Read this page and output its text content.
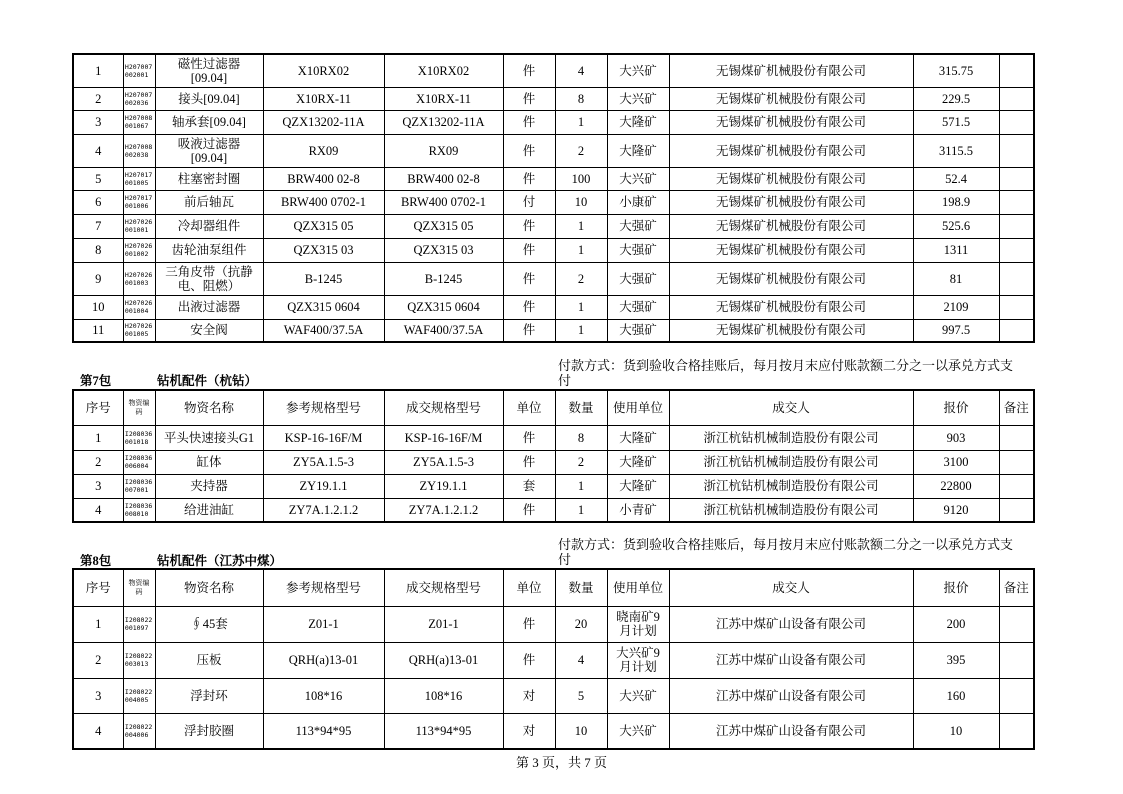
1	H207007002001	磁性过滤器[09.04]	X10RX02	X10RX02	件	4	大兴矿	无锡煤矿机械股份有限公司	315.75	
2	H207007002036	接头[09.04]	X10RX-11	X10RX-11	件	8	大兴矿	无锡煤矿机械股份有限公司	229.5	
3	H207008001067	轴承套[09.04]	QZX13202-11A	QZX13202-11A	件	1	大隆矿	无锡煤矿机械股份有限公司	571.5	
4	H207008002038	吸液过滤器[09.04]	RX09	RX09	件	2	大隆矿	无锡煤矿机械股份有限公司	3115.5	
5	H207017001005	柱塞密封圈	BRW400 02-8	BRW400 02-8	件	100	大兴矿	无锡煤矿机械股份有限公司	52.4	
6	H207017001006	前后轴瓦	BRW400 0702-1	BRW400 0702-1	付	10	小康矿	无锡煤矿机械股份有限公司	198.9	
7	H207026001001	冷却器组件	QZX315 05	QZX315 05	件	1	大强矿	无锡煤矿机械股份有限公司	525.6	
8	H207026001002	齿轮油泵组件	QZX315 03	QZX315 03	件	1	大强矿	无锡煤矿机械股份有限公司	1311	
9	H207026001003	三角皮带（抗静电、阻燃）	B-1245	B-1245	件	2	大强矿	无锡煤矿机械股份有限公司	81	
10	H207026001004	出液过滤器	QZX315 0604	QZX315 0604	件	1	大强矿	无锡煤矿机械股份有限公司	2109	
11	H207026001005	安全阀	WAF400/37.5A	WAF400/37.5A	件	1	大强矿	无锡煤矿机械股份有限公司	997.5	
付款方式：货到验收合格挂账后，每月按月末应付账款额二分之一以承兑方式支付
第7包	钻机配件（杭钻）
序号	物资编码	物资名称	参考规格型号	成交规格型号	单位	数量	使用单位	成交人	报价	备注
1	I208036001018	平头快速接头G1	KSP-16-16F/M	KSP-16-16F/M	件	8	大隆矿	浙江杭钻机械制造股份有限公司	903	
2	I208036006004	缸体	ZY5A.1.5-3	ZY5A.1.5-3	件	2	大隆矿	浙江杭钻机械制造股份有限公司	3100	
3	I208036007001	夹持器	ZY19.1.1	ZY19.1.1	套	1	大隆矿	浙江杭钻机械制造股份有限公司	22800	
4	I208036008010	给进油缸	ZY7A.1.2.1.2	ZY7A.1.2.1.2	件	1	小青矿	浙江杭钻机械制造股份有限公司	9120	
付款方式：货到验收合格挂账后，每月按月末应付账款额二分之一以承兑方式支付
第8包	钻机配件（江苏中煤）
序号	物资编码	物资名称	参考规格型号	成交规格型号	单位	数量	使用单位	成交人	报价	备注
1	I208022001097	∮45套	Z01-1	Z01-1	件	20	晓南矿9月计划	江苏中煤矿山设备有限公司	200	
2	I208022003013	压板	QRH(a)13-01	QRH(a)13-01	件	4	大兴矿9月计划	江苏中煤矿山设备有限公司	395	
3	I208022004005	浮封环	108*16	108*16	对	5	大兴矿	江苏中煤矿山设备有限公司	160	
4	I208022004006	浮封胶圈	113*94*95	113*94*95	对	10	大兴矿	江苏中煤矿山设备有限公司	10	
第 3 页，共 7 页
